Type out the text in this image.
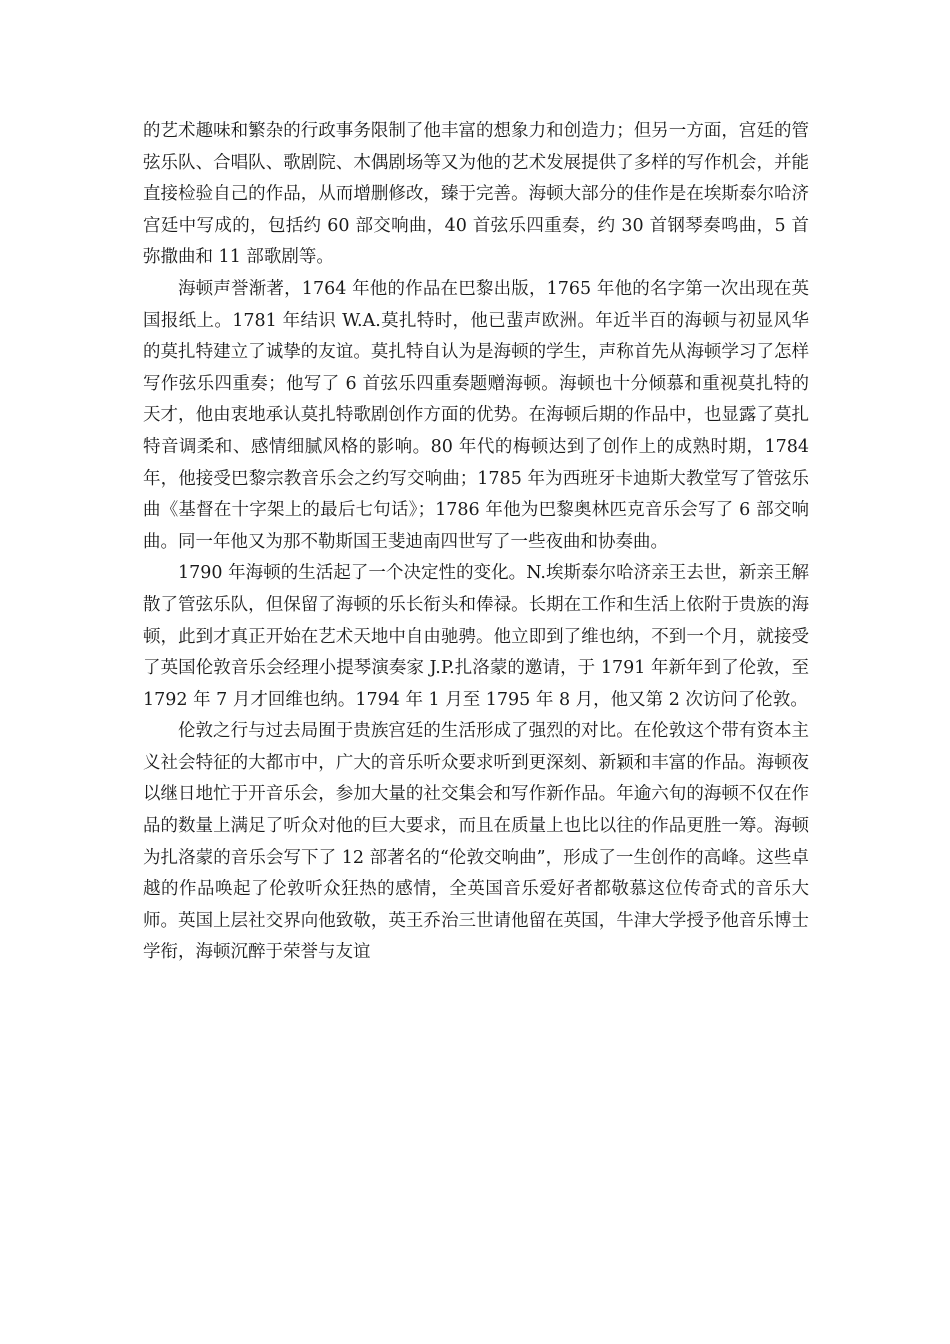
的艺术趣味和繁杂的行政事务限制了他丰富的想象力和创造力；但另一方面，宫廷的管弦乐队、合唱队、歌剧院、木偶剧场等又为他的艺术发展提供了多样的写作机会，并能直接检验自己的作品，从而增删修改，臻于完善。海顿大部分的佳作是在埃斯泰尔哈济宫廷中写成的，包括约 60 部交响曲，40 首弦乐四重奏，约 30 首钢琴奏鸣曲，5 首弥撒曲和 11 部歌剧等。

海顿声誉渐著，1764 年他的作品在巴黎出版，1765 年他的名字第一次出现在英国报纸上。1781 年结识 W.A.莫扎特时，他已蜚声欧洲。年近半百的海顿与初显风华的莫扎特建立了诚挚的友谊。莫扎特自认为是海顿的学生，声称首先从海顿学习了怎样写作弦乐四重奏；他写了 6 首弦乐四重奏题赠海顿。海顿也十分倾慕和重视莫扎特的天才，他由衷地承认莫扎特歌剧创作方面的优势。在海顿后期的作品中，也显露了莫扎特音调柔和、感情细腻风格的影响。80 年代的梅顿达到了创作上的成熟时期，1784 年，他接受巴黎宗教音乐会之约写交响曲；1785 年为西班牙卡迪斯大教堂写了管弦乐曲《基督在十字架上的最后七句话》；1786 年他为巴黎奥林匹克音乐会写了 6 部交响曲。同一年他又为那不勒斯国王斐迪南四世写了一些夜曲和协奏曲。

1790 年海顿的生活起了一个决定性的变化。N.埃斯泰尔哈济亲王去世，新亲王解散了管弦乐队，但保留了海顿的乐长衔头和俸禄。长期在工作和生活上依附于贵族的海顿，此到才真正开始在艺术天地中自由驰骋。他立即到了维也纳，不到一个月，就接受了英国伦敦音乐会经理小提琴演奏家 J.P.扎洛蒙的邀请，于 1791 年新年到了伦敦，至 1792 年 7 月才回维也纳。1794 年 1 月至 1795 年 8 月，他又第 2 次访问了伦敦。

伦敦之行与过去局囿于贵族宫廷的生活形成了强烈的对比。在伦敦这个带有资本主义社会特征的大都市中，广大的音乐听众要求听到更深刻、新颖和丰富的作品。海顿夜以继日地忙于开音乐会，参加大量的社交集会和写作新作品。年逾六旬的海顿不仅在作品的数量上满足了听众对他的巨大要求，而且在质量上也比以往的作品更胜一筹。海顿为扎洛蒙的音乐会写下了 12 部著名的“伦敦交响曲”，形成了一生创作的高峰。这些卓越的作品唤起了伦敦听众狂热的感情，全英国音乐爱好者都敬慕这位传奇式的音乐大师。英国上层社交界向他致敬，英王乔治三世请他留在英国，牛津大学授予他音乐博士学衔，海顿沉醉于荣誉与友谊
